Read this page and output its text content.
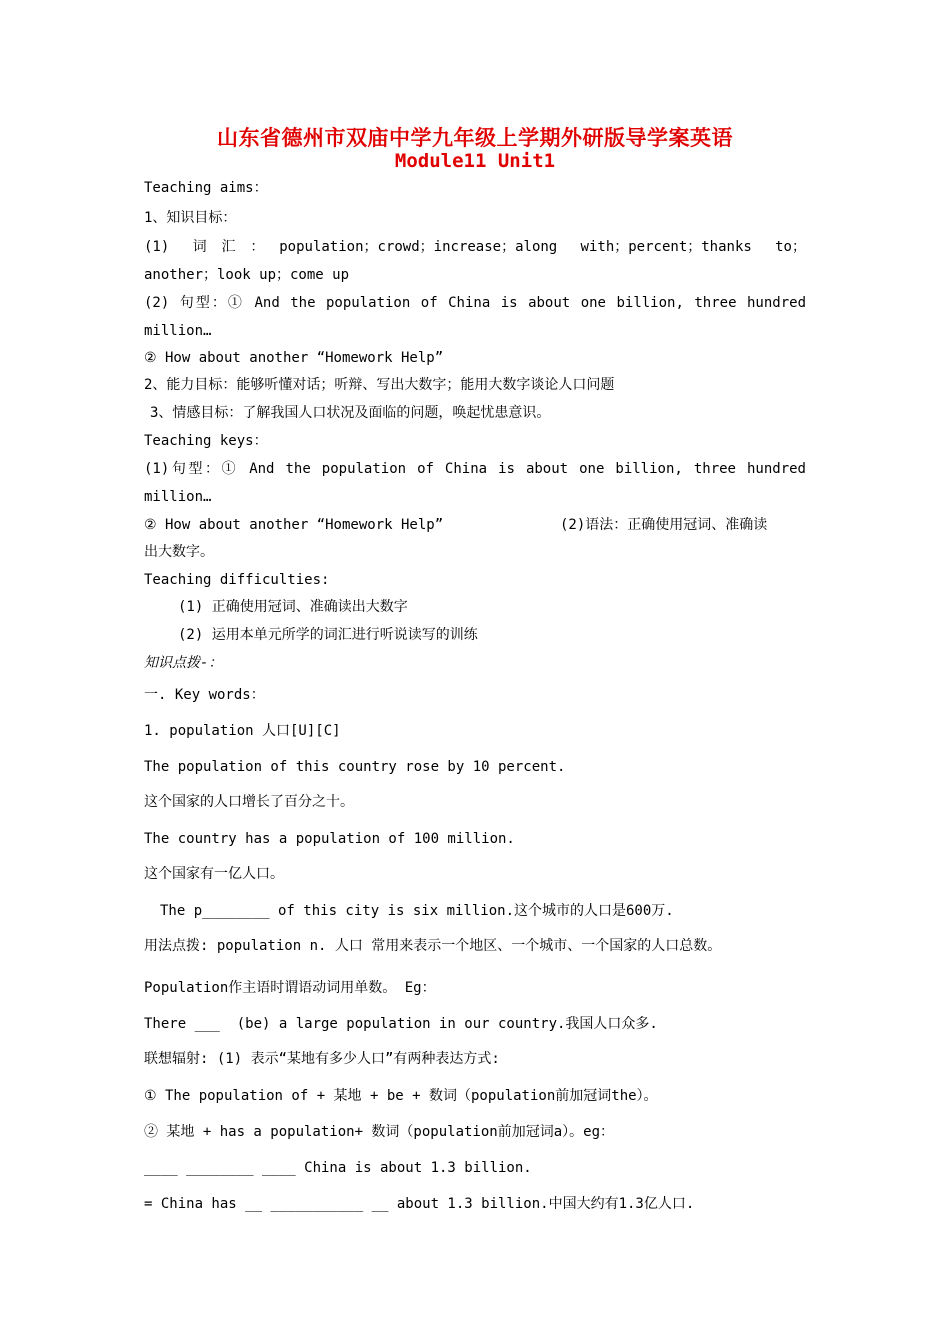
山东省德州市双庙中学九年级上学期外研版导学案英语
Module11 Unit1
Teaching aims：
1、知识目标：
(1) 词汇：population；crowd；increase；along with；percent；thanks to；
another；look up；come up
(2) 句型：① And the population of China is about one billion, three hundred
million…
② How about another “Homework Help”
2、能力目标：能够听懂对话；听辩、写出大数字；能用大数字谈论人口问题
3、情感目标：了解我国人口状况及面临的问题，唤起忧患意识。
Teaching keys：
(1)句型：① And the population of China is about one billion, three hundred
million…
② How about another “Homework Help”	(2)语法：正确使用冠词、准确读
出大数字。
Teaching difficulties:
(1) 正确使用冠词、准确读出大数字
(2) 运用本单元所学的词汇进行听说读写的训练
知识点拨-：
一. Key words：
1. population 人口[U][C]
The population of this country rose by 10 percent.
这个国家的人口增长了百分之十。
The country has a population of 100 million.
这个国家有一亿人口。
The p________ of this city is six million.这个城市的人口是600万.
用法点拨: population n. 人口 常用来表示一个地区、一个城市、一个国家的人口总数。
Population作主语时谓语动词用单数。 Eg：
There ___  (be) a large population in our country.我国人口众多.
联想辐射: (1) 表示“某地有多少人口”有两种表达方式:
① The population of + 某地 + be + 数词（population前加冠词the）。
② 某地 + has a population+ 数词（population前加冠词a）。eg：
____ ________ ____ China is about 1.3 billion.
= China has __ ___________ __ about 1.3 billion.中国大约有1.3亿人口.
